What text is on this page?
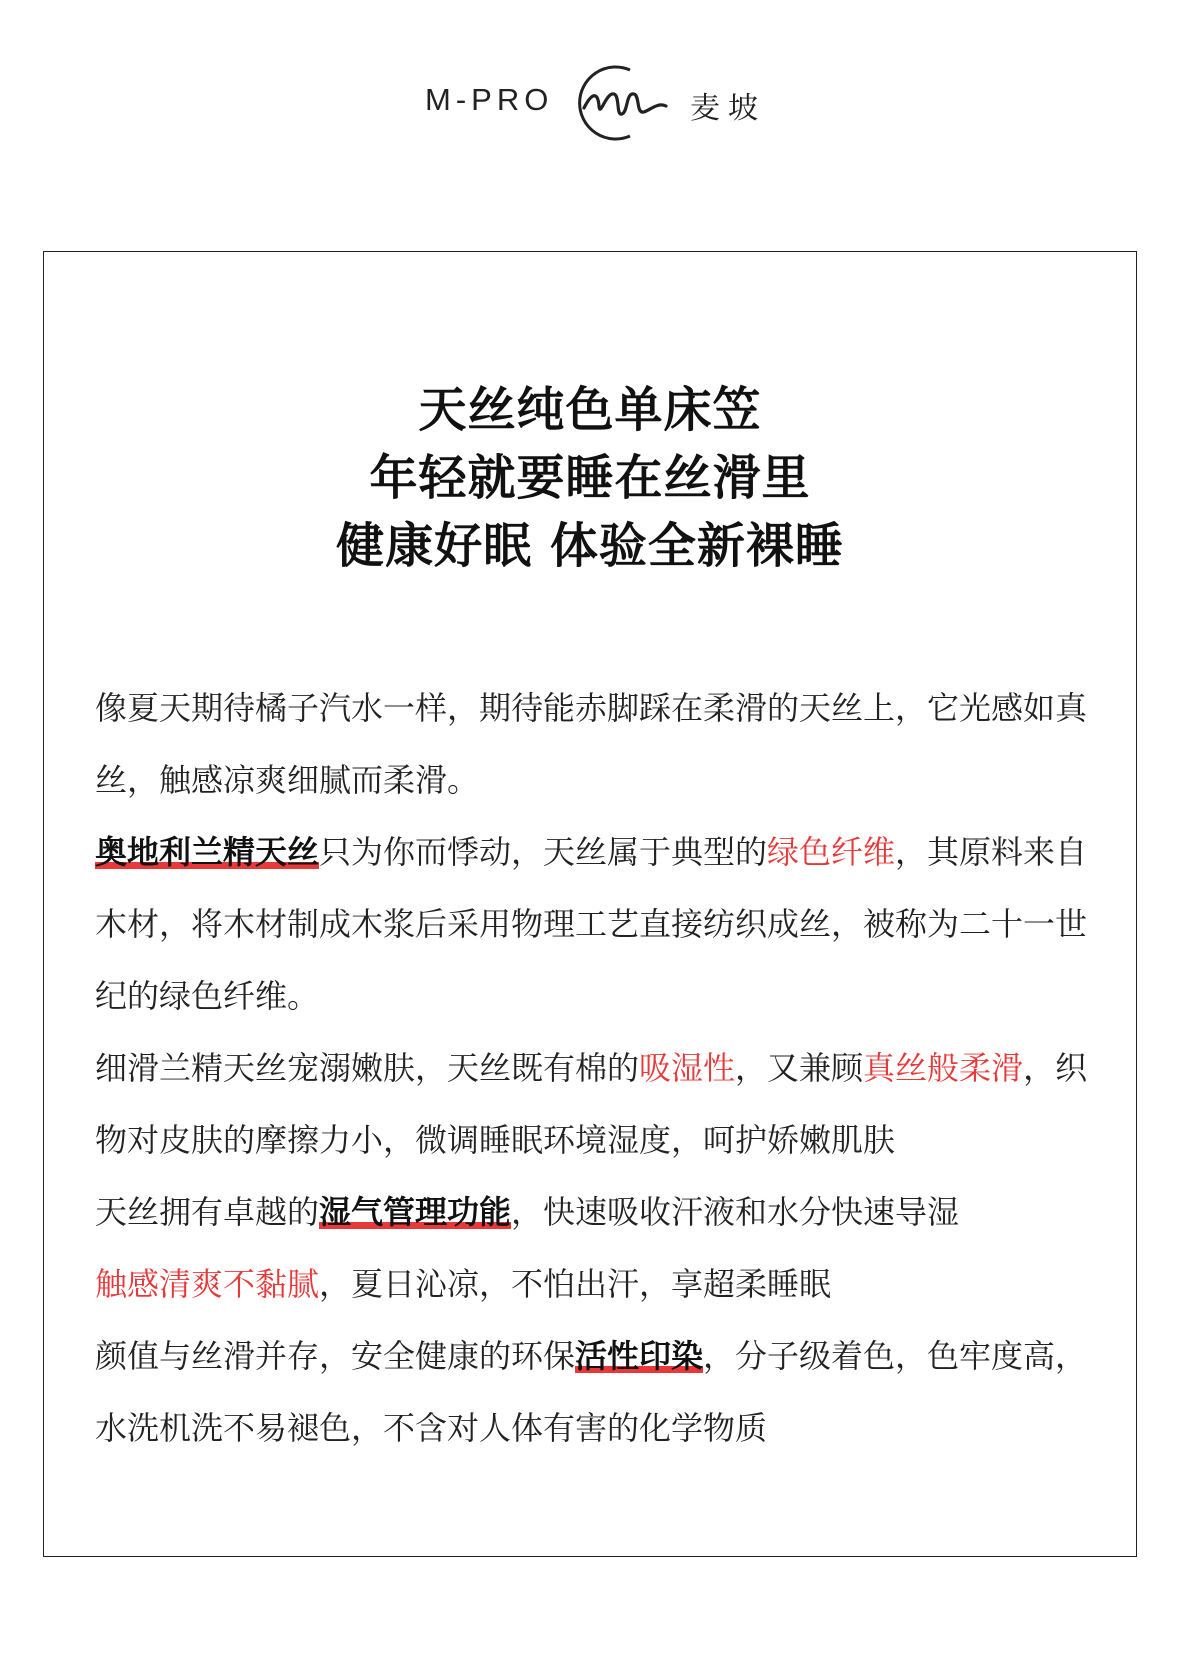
M-PRO	麦坡
天丝纯色单床笠
年轻就要睡在丝滑里
健康好眠 体验全新裸睡
像夏天期待橘子汽水一样，期待能赤脚踩在柔滑的天丝上，它光感如真丝，触感凉爽细腻而柔滑。
奥地利兰精天丝只为你而悸动，天丝属于典型的绿色纤维，其原料来自木材，将木材制成木浆后采用物理工艺直接纺织成丝，被称为二十一世纪的绿色纤维。
细滑兰精天丝宠溺嫩肤，天丝既有棉的吸湿性，又兼顾真丝般柔滑，织物对皮肤的摩擦力小，微调睡眠环境湿度，呵护娇嫩肌肤
天丝拥有卓越的湿气管理功能，快速吸收汗液和水分快速导湿
触感清爽不黏腻，夏日沁凉，不怕出汗，享超柔睡眠
颜值与丝滑并存，安全健康的环保活性印染，分子级着色，色牢度高，水洗机洗不易褪色，不含对人体有害的化学物质
